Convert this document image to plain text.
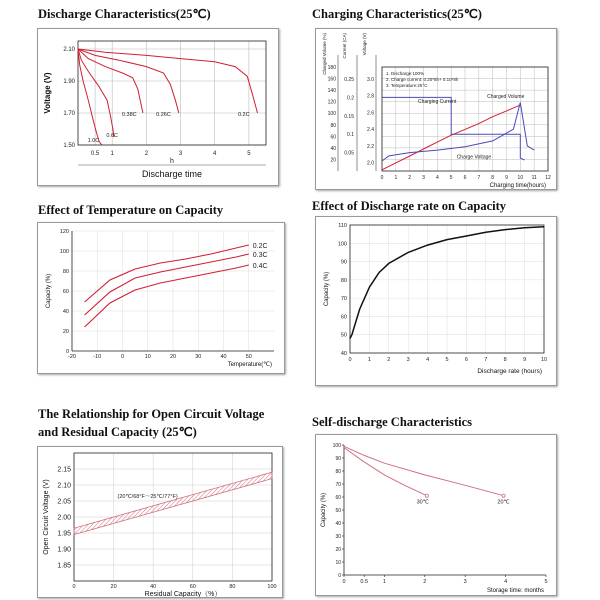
Discharge Characteristics(25℃)	Charging Characteristics(25℃)
Effect of Temperature on Capacity	Effect of Discharge rate on Capacity
The Relationship for Open Circuit Voltage
and Residual Capacity (25℃)
Self-discharge Characteristics
0.5 1	2	3	4	5
2.10
1.90
1.70
1.50
1.0C
0.6C
0.38C	0.26C	0.2C
Voltage (V)
h
Discharge time	0 1 2 3 4 5 6 7 8 9 10 11 12
180
160
140
120
100
80
60
40
20
0.25
0.2
0.15
0.1
0.05
3.0
2.8
2.6
2.4
2.2
2.0
Charged Volume (%)	Current (CA)	Voltage (V)
1. Discharge:100%
2. Charge current: 0.20*8h+ 0.10*8h
3. Temperature:25°C
Charging Current
Charged Volume
Charge Voltage
Charging time(hours)
-20	-10	0	10	20	30	40	50
120
100
80
60
40
20
0
0.2C
0.3C
0.4C
Capacity (%)
Temperature(℃)
0	1	2	3	4	5	6	7	8	9	10
110
100
90
80
70
60
50
40
Capacity (%)
Discharge rate (hours)
0	20	40	60	80	100
2.15
2.10
2.05
2.00
1.95
1.90
1.85
(20℃/68°F～25℃/77°F)
Open Circuit Voltage (V)
Residual Capacity（%）
0	0.5	1	2	3	4	5
100
90
80
70
60
50
40
30
20
10
0
30℃	20℃
Capacity (%)
Storage time: months
